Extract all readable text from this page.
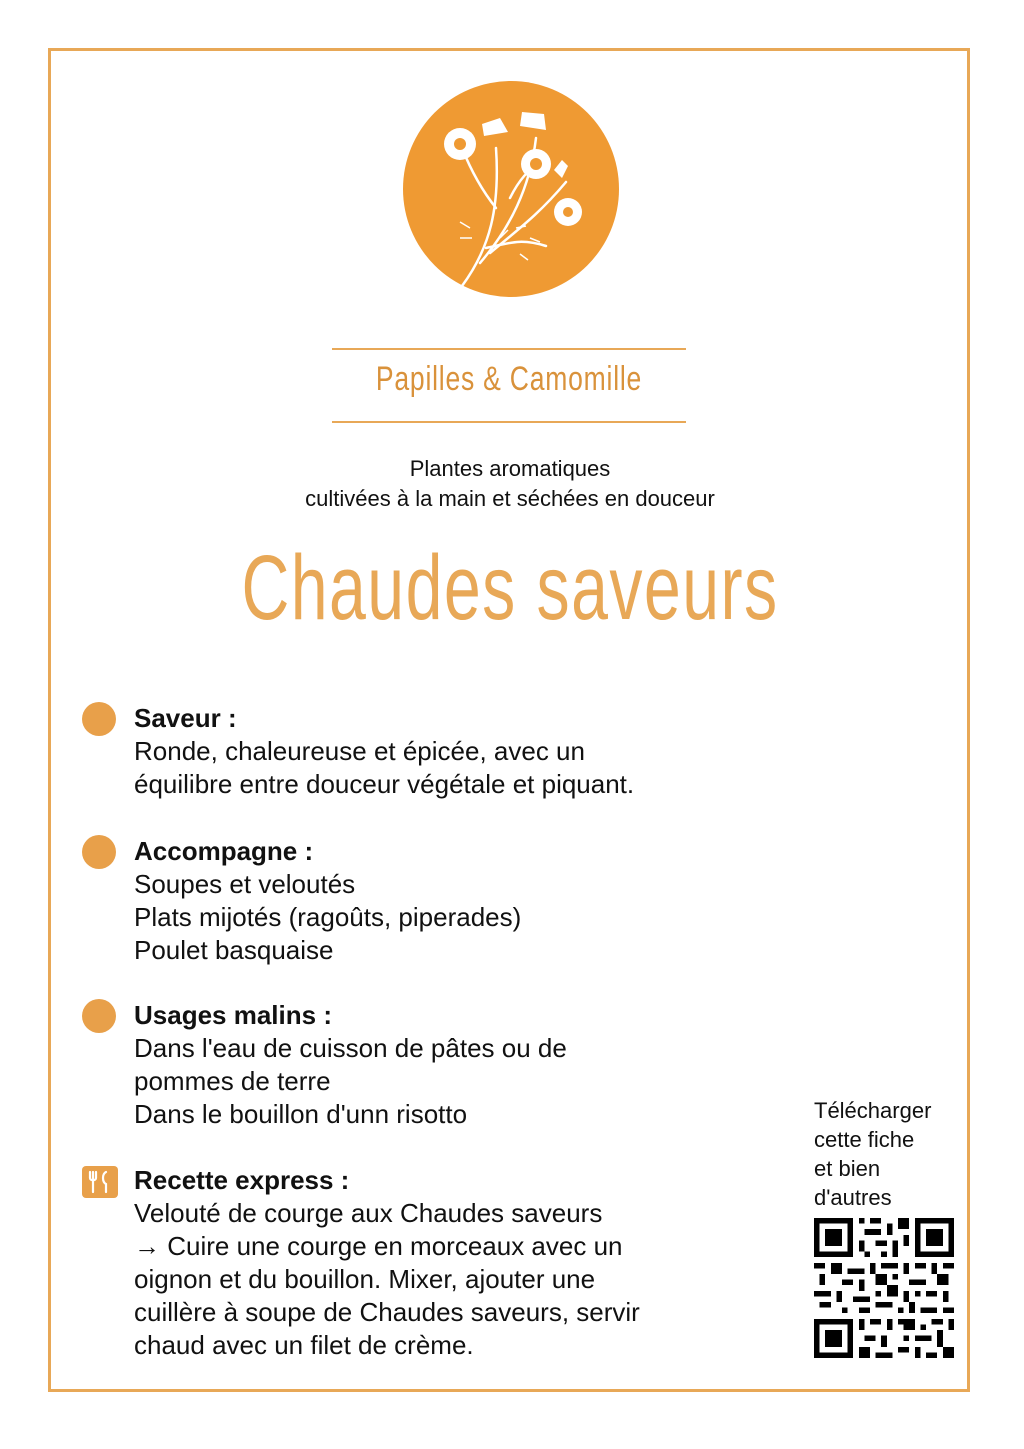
Papilles & Camomille
Plantes aromatiques
cultivées à la main et séchées en douceur
Chaudes saveurs
Saveur :
Ronde, chaleureuse et épicée, avec un
équilibre entre douceur végétale et piquant.
Accompagne :
Soupes et veloutés
Plats mijotés (ragoûts, piperades)
Poulet basquaise
Usages malins :
Dans l'eau de cuisson de pâtes ou de
pommes de terre
Dans le bouillon d'unn risotto
Recette express :
Velouté de courge aux Chaudes saveurs
→ Cuire une courge en morceaux avec un
oignon et du bouillon. Mixer, ajouter une
cuillère à soupe de Chaudes saveurs, servir
chaud avec un filet de crème.
Télécharger
cette fiche
et bien
d'autres
